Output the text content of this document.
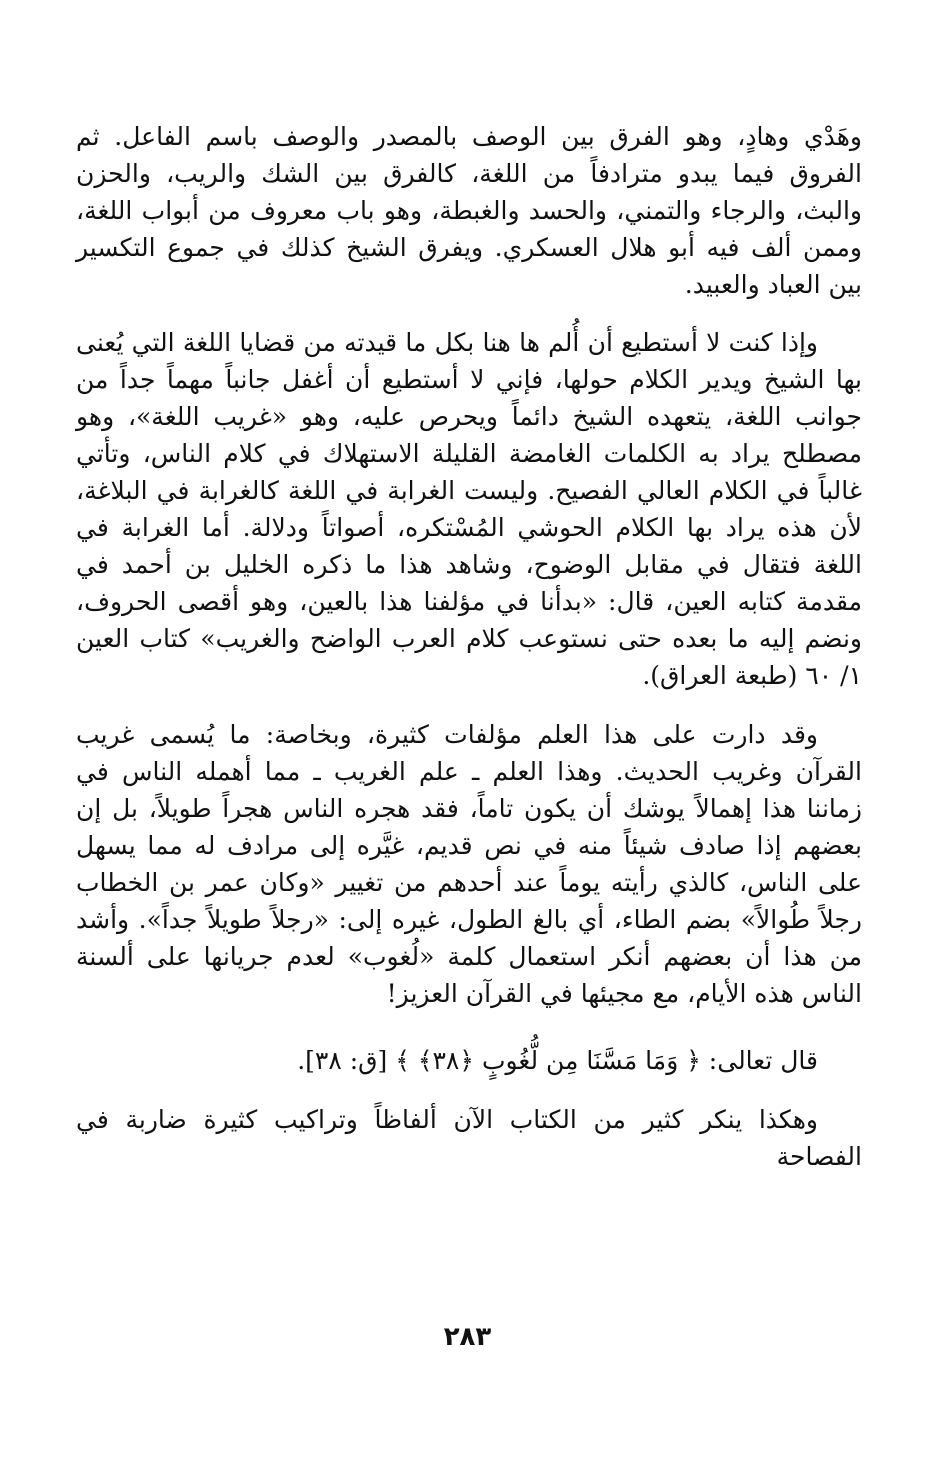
وهَدْي وهادٍ، وهو الفرق بين الوصف بالمصدر والوصف باسم الفاعل. ثم الفروق فيما يبدو مترادفاً من اللغة، كالفرق بين الشك والريب، والحزن والبث، والرجاء والتمني، والحسد والغبطة، وهو باب معروف من أبواب اللغة، وممن ألف فيه أبو هلال العسكري. ويفرق الشيخ كذلك في جموع التكسير بين العباد والعبيد.

وإذا كنت لا أستطيع أن أُلم ها هنا بكل ما قيدته من قضايا اللغة التي يُعنى بها الشيخ ويدير الكلام حولها، فإني لا أستطيع أن أغفل جانباً مهماً جداً من جوانب اللغة، يتعهده الشيخ دائماً ويحرص عليه، وهو «غريب اللغة»، وهو مصطلح يراد به الكلمات الغامضة القليلة الاستهلاك في كلام الناس، وتأتي غالباً في الكلام العالي الفصيح. وليست الغرابة في اللغة كالغرابة في البلاغة، لأن هذه يراد بها الكلام الحوشي المُسْتكره، أصواتاً ودلالة. أما الغرابة في اللغة فتقال في مقابل الوضوح، وشاهد هذا ما ذكره الخليل بن أحمد في مقدمة كتابه العين، قال: «بدأنا في مؤلفنا هذا بالعين، وهو أقصى الحروف، ونضم إليه ما بعده حتى نستوعب كلام العرب الواضح والغريب» كتاب العين ١/ ٦٠ (طبعة العراق).

وقد دارت على هذا العلم مؤلفات كثيرة، وبخاصة: ما يُسمى غريب القرآن وغريب الحديث. وهذا العلم ـ علم الغريب ـ مما أهمله الناس في زماننا هذا إهمالاً يوشك أن يكون تاماً، فقد هجره الناس هجراً طويلاً، بل إن بعضهم إذا صادف شيئاً منه في نص قديم، غيَّره إلى مرادف له مما يسهل على الناس، كالذي رأيته يوماً عند أحدهم من تغيير «وكان عمر بن الخطاب رجلاً طُوالاً» بضم الطاء، أي بالغ الطول، غيره إلى: «رجلاً طويلاً جداً». وأشد من هذا أن بعضهم أنكر استعمال كلمة «لُغوب» لعدم جريانها على ألسنة الناس هذه الأيام، مع مجيئها في القرآن العزيز!

قال تعالى: ﴿ وَمَا مَسَّنَا مِن لُّغُوبٍ ﴿٣٨﴾ ﴾ [ق: ٣٨].

وهكذا ينكر كثير من الكتاب الآن ألفاظاً وتراكيب كثيرة ضاربة في الفصاحة

٢٨٣
